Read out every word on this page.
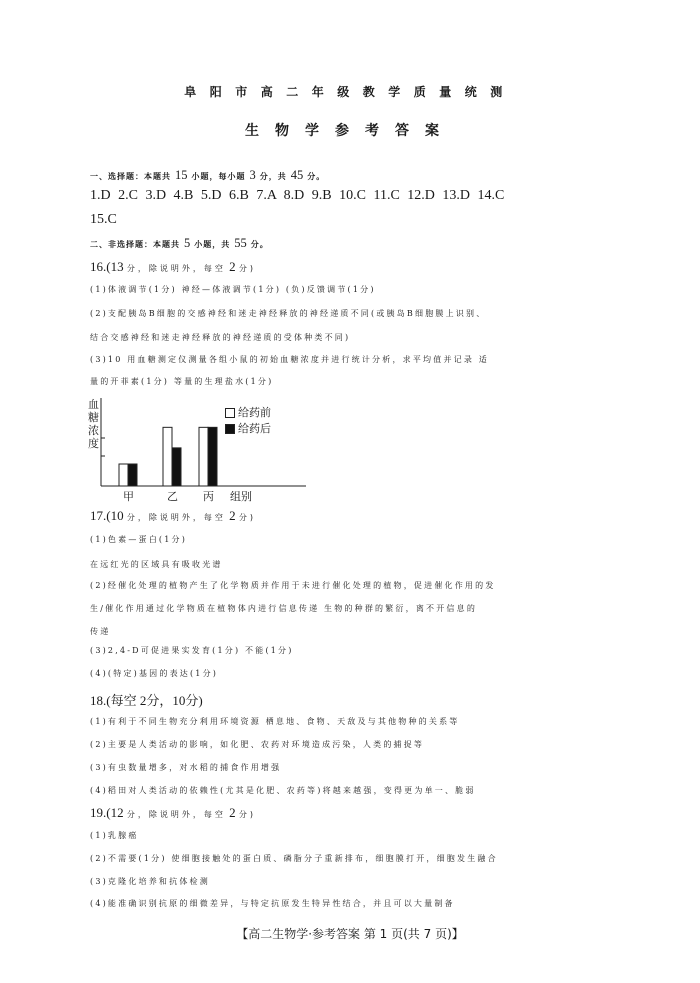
阜阳市高二年级教学质量统测
生物学参考答案
一、选择题：本题共 15 小题，每小题 3 分，共 45 分。
1.D 2.C 3.D 4.B 5.D 6.B 7.A 8.D 9.B 10.C 11.C 12.D 13.D 14.C
15.C
二、非选择题：本题共 5 小题，共 55 分。
16.(13 分，除说明外，每空 2 分)
(1)体液调节(1分) 神经—体液调节(1分) (负)反馈调节(1分)
(2)支配胰岛B细胞的交感神经和迷走神经释放的神经递质不同(或胰岛B细胞膜上识别、
结合交感神经和迷走神经释放的神经递质的受体种类不同)
(3)10 用血糖测定仪测量各组小鼠的初始血糖浓度并进行统计分析，求平均值并记录 适
量的开菲素(1分) 等量的生理盐水(1分)
血糖浓度
组别
甲	乙 丙
给药前
给药后
17.(10 分，除说明外，每空 2 分)
(1)色素—蛋白(1分)
在远红光的区域具有吸收光谱
(2)经催化处理的植物产生了化学物质并作用于未进行催化处理的植物，促进催化作用的发
生/催化作用通过化学物质在植物体内进行信息传递 生物的种群的繁衍，离不开信息的
传递
(3)2,4-D可促进果实发育(1分) 不能(1分)
(4)(特定)基因的表达(1分)
18.(每空 2分，10分)
(1)有利于不同生物充分利用环境资源 栖息地、食物、天敌及与其他物种的关系等
(2)主要是人类活动的影响，如化肥、农药对环境造成污染，人类的捕捉等
(3)有虫数量增多，对水稻的捕食作用增强
(4)稻田对人类活动的依赖性(尤其是化肥、农药等)将越来越强，变得更为单一、脆弱
19.(12 分，除说明外，每空 2 分)
(1)乳腺癌
(2)不需要(1分) 使细胞接触处的蛋白质、磷脂分子重新排布，细胞膜打开，细胞发生融合
(3)克隆化培养和抗体检测
(4)能准确识别抗原的细微差异，与特定抗原发生特异性结合，并且可以大量制备
【高二生物学·参考答案 第 1 页(共 7 页)】
